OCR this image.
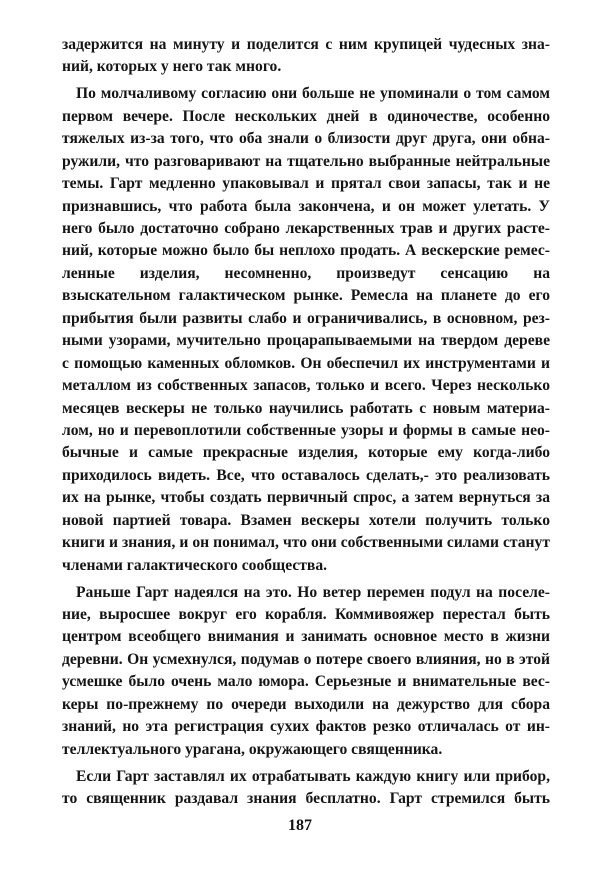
задержится на минуту и поделится с ним крупицей чудесных зна-
ний, которых у него так много.
По молчаливому согласию они больше не упоминали о том самом
первом вечере. После нескольких дней в одиночестве, особенно
тяжелых из-за того, что оба знали о близости друг друга, они обна-
ружили, что разговаривают на тщательно выбранные нейтральные
темы. Гарт медленно упаковывал и прятал свои запасы, так и не
признавшись, что работа была закончена, и он может улетать. У
него было достаточно собрано лекарственных трав и других расте-
ний, которые можно было бы неплохо продать. А вескерские ремес-
ленные изделия, несомненно, произведут сенсацию на
взыскательном галактическом рынке. Ремесла на планете до его
прибытия были развиты слабо и ограничивались, в основном, рез-
ными узорами, мучительно процарапываемыми на твердом дереве
с помощью каменных обломков. Он обеспечил их инструментами и
металлом из собственных запасов, только и всего. Через несколько
месяцев вескеры не только научились работать с новым материа-
лом, но и перевоплотили собственные узоры и формы в самые нео-
бычные и самые прекрасные изделия, которые ему когда-либо
приходилось видеть. Все, что оставалось сделать,- это реализовать
их на рынке, чтобы создать первичный спрос, а затем вернуться за
новой партией товара. Взамен вескеры хотели получить только
книги и знания, и он понимал, что они собственными силами станут
членами галактического сообщества.
Раньше Гарт надеялся на это. Но ветер перемен подул на поселе-
ние, выросшее вокруг его корабля. Коммивояжер перестал быть
центром всеобщего внимания и занимать основное место в жизни
деревни. Он усмехнулся, подумав о потере своего влияния, но в этой
усмешке было очень мало юмора. Серьезные и внимательные вес-
керы по-прежнему по очереди выходили на дежурство для сбора
знаний, но эта регистрация сухих фактов резко отличалась от ин-
теллектуального урагана, окружающего священника.
Если Гарт заставлял их отрабатывать каждую книгу или прибор,
то священник раздавал знания бесплатно. Гарт стремился быть
187
